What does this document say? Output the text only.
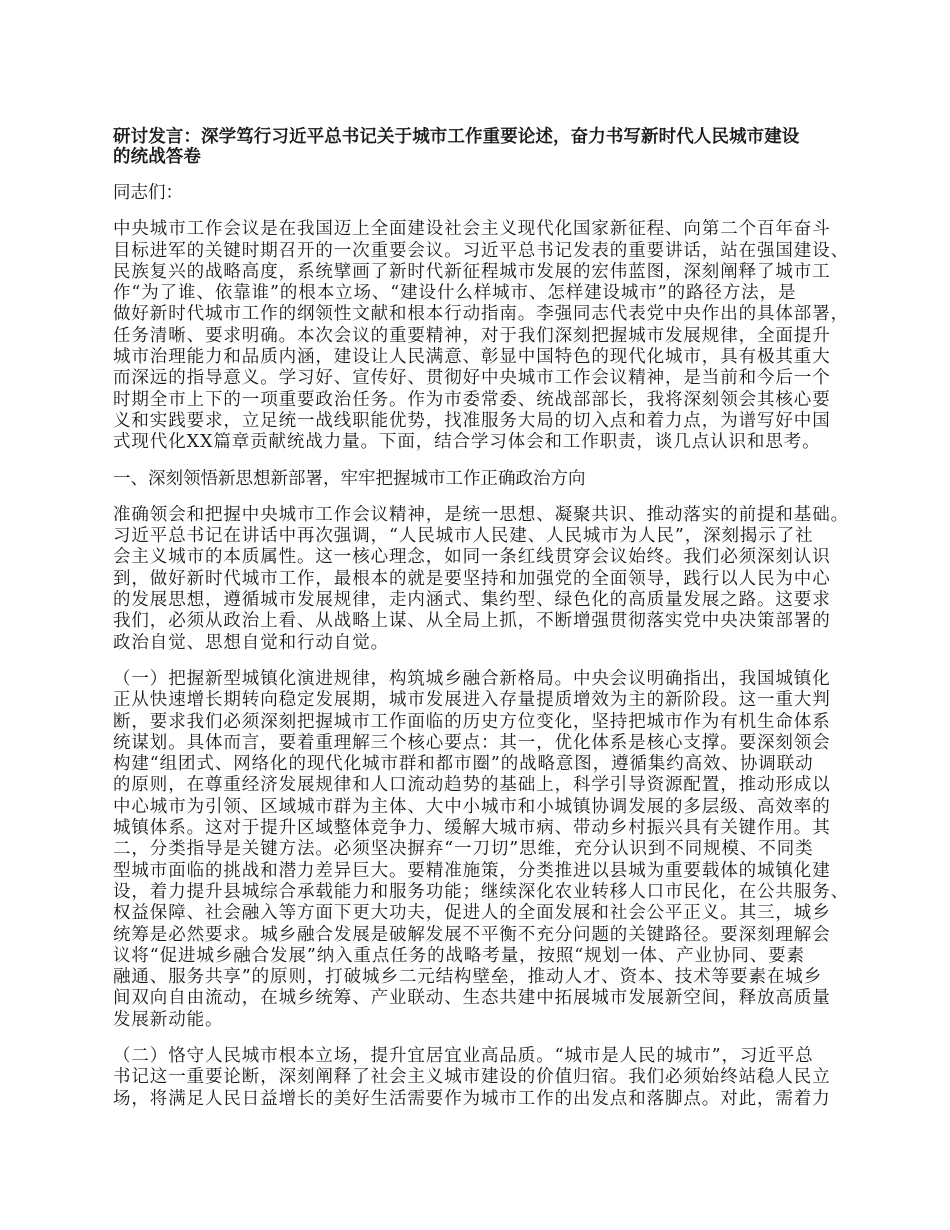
研讨发言：深学笃行习近平总书记关于城市工作重要论述，奋力书写新时代人民城市建设
的统战答卷
同志们：
中央城市工作会议是在我国迈上全面建设社会主义现代化国家新征程、向第二个百年奋斗
目标进军的关键时期召开的一次重要会议。习近平总书记发表的重要讲话，站在强国建设、
民族复兴的战略高度，系统擘画了新时代新征程城市发展的宏伟蓝图，深刻阐释了城市工
作“为了谁、依靠谁”的根本立场、“建设什么样城市、怎样建设城市”的路径方法，是
做好新时代城市工作的纲领性文献和根本行动指南。李强同志代表党中央作出的具体部署，
任务清晰、要求明确。本次会议的重要精神，对于我们深刻把握城市发展规律，全面提升
城市治理能力和品质内涵，建设让人民满意、彰显中国特色的现代化城市，具有极其重大
而深远的指导意义。学习好、宣传好、贯彻好中央城市工作会议精神，是当前和今后一个
时期全市上下的一项重要政治任务。作为市委常委、统战部部长，我将深刻领会其核心要
义和实践要求，立足统一战线职能优势，找准服务大局的切入点和着力点，为谱写好中国
式现代化XX篇章贡献统战力量。下面，结合学习体会和工作职责，谈几点认识和思考。
一、深刻领悟新思想新部署，牢牢把握城市工作正确政治方向
准确领会和把握中央城市工作会议精神，是统一思想、凝聚共识、推动落实的前提和基础。
习近平总书记在讲话中再次强调，“人民城市人民建、人民城市为人民”，深刻揭示了社
会主义城市的本质属性。这一核心理念，如同一条红线贯穿会议始终。我们必须深刻认识
到，做好新时代城市工作，最根本的就是要坚持和加强党的全面领导，践行以人民为中心
的发展思想，遵循城市发展规律，走内涵式、集约型、绿色化的高质量发展之路。这要求
我们，必须从政治上看、从战略上谋、从全局上抓，不断增强贯彻落实党中央决策部署的
政治自觉、思想自觉和行动自觉。
（一）把握新型城镇化演进规律，构筑城乡融合新格局。中央会议明确指出，我国城镇化
正从快速增长期转向稳定发展期，城市发展进入存量提质增效为主的新阶段。这一重大判
断，要求我们必须深刻把握城市工作面临的历史方位变化，坚持把城市作为有机生命体系
统谋划。具体而言，要着重理解三个核心要点：其一，优化体系是核心支撑。要深刻领会
构建“组团式、网络化的现代化城市群和都市圈”的战略意图，遵循集约高效、协调联动
的原则，在尊重经济发展规律和人口流动趋势的基础上，科学引导资源配置，推动形成以
中心城市为引领、区域城市群为主体、大中小城市和小城镇协调发展的多层级、高效率的
城镇体系。这对于提升区域整体竞争力、缓解大城市病、带动乡村振兴具有关键作用。其
二，分类指导是关键方法。必须坚决摒弃“一刀切”思维，充分认识到不同规模、不同类
型城市面临的挑战和潜力差异巨大。要精准施策，分类推进以县城为重要载体的城镇化建
设，着力提升县城综合承载能力和服务功能；继续深化农业转移人口市民化，在公共服务、
权益保障、社会融入等方面下更大功夫，促进人的全面发展和社会公平正义。其三，城乡
统筹是必然要求。城乡融合发展是破解发展不平衡不充分问题的关键路径。要深刻理解会
议将“促进城乡融合发展”纳入重点任务的战略考量，按照“规划一体、产业协同、要素
融通、服务共享”的原则，打破城乡二元结构壁垒，推动人才、资本、技术等要素在城乡
间双向自由流动，在城乡统筹、产业联动、生态共建中拓展城市发展新空间，释放高质量
发展新动能。
（二）恪守人民城市根本立场，提升宜居宜业高品质。“城市是人民的城市”，习近平总
书记这一重要论断，深刻阐释了社会主义城市建设的价值归宿。我们必须始终站稳人民立
场，将满足人民日益增长的美好生活需要作为城市工作的出发点和落脚点。对此，需着力
